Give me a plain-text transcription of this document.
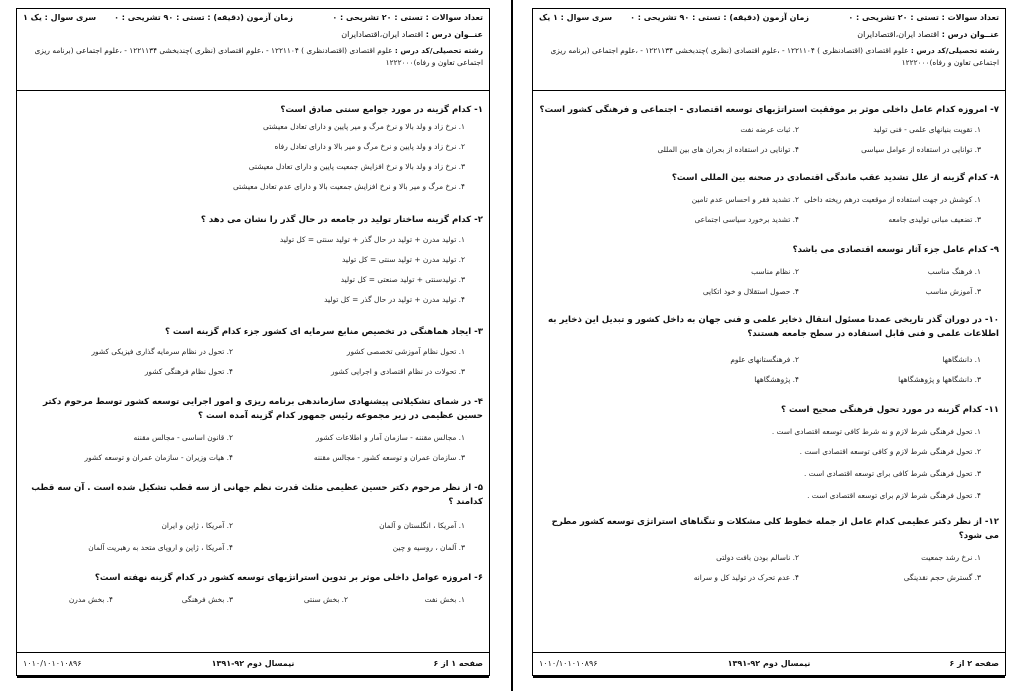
تعداد سوالات : تستی : ۲۰ تشریحی : ۰
زمان آزمون (دقیقه) : تستی : ۹۰ تشریحی : ۰
سری سوال : یک ۱
عنــوان درس : اقتصاد ایران،اقتصادایران
رشته تحصیلی/کد درس : علوم اقتصادی (اقتصادنظری ) ۱۲۲۱۱۰۴ - ،علوم اقتصادی (نظری )چندبخشی ۱۲۲۱۱۳۴ - ،علوم اجتماعی (برنامه ریزی اجتماعی تعاون و رفاه)۱۲۲۲۰۰۰
۱- کدام گزینه در مورد جوامع سنتی صادق است؟
۱. نرخ زاد و ولد بالا و نرخ مرگ و میر پایین و دارای تعادل معیشتی
۲. نرخ زاد و ولد پایین و نرخ مرگ و میر بالا و دارای تعادل رفاه
۳. نرخ زاد و ولد بالا و نرخ افزایش جمعیت پایین و دارای تعادل معیشتی
۴. نرخ مرگ و میر بالا و نرخ افزایش جمعیت بالا و دارای عدم تعادل معیشتی
۲- کدام گزینه ساختار تولید در جامعه در حال گذر را نشان می دهد ؟
۱. تولید مدرن + تولید در حال گذر + تولید سنتی = کل تولید
۲. تولید مدرن + تولید سنتی = کل تولید
۳. تولیدسنتی + تولید صنعتی = کل تولید
۴. تولید مدرن + تولید در حال گذر = کل تولید
۳- ایجاد هماهنگی در تخصیص منابع سرمایه ای کشور جزء کدام گزینه است ؟
۱. تحول نظام آموزشی تخصصی کشور
۲. تحول در نظام سرمایه گذاری فیزیکی کشور
۳. تحولات در نظام اقتصادی و اجرایی کشور
۴. تحول نظام فرهنگی کشور
۴- در شمای تشکیلاتی پیشنهادی سازماندهی برنامه ریزی و امور اجرایی توسعه کشور توسط مرحوم دکتر حسین عظیمی در زیر مجموعه رئیس جمهور کدام گزینه آمده است ؟
۱. مجالس مقننه - سازمان آمار و اطلاعات کشور
۲. قانون اساسی - مجالس مقننه
۳. سازمان عمران و توسعه کشور - مجالس مقننه
۴. هیات وزیران - سازمان عمران و توسعه کشور
۵- از نظر مرحوم دکتر حسین عظیمی مثلث قدرت نظم جهانی از سه قطب تشکیل شده است . آن سه قطب کدامند ؟
۱. آمریکا ، انگلستان و آلمان
۲. آمریکا ، ژاپن و ایران
۳. آلمان ، روسیه و چین
۴. آمریکا ، ژاپن و اروپای متحد به رهبریت آلمان
۶- امروزه عوامل داخلی موثر بر تدوین استراتژیهای توسعه کشور در کدام گزینه نهفته است؟
۱. بخش نفت
۲. بخش سنتی
۳. بخش فرهنگی
۴. بخش مدرن
صفحه ۱ از ۶
نیمسال دوم ۹۲-۱۳۹۱
۱۰۱۰/۱۰۱۰۱۰۸۹۶
تعداد سوالات : تستی : ۲۰ تشریحی : ۰
زمان آزمون (دقیقه) : تستی : ۹۰ تشریحی : ۰
سری سوال : ۱ یک
عنــوان درس : اقتصاد ایران،اقتصادایران
رشته تحصیلی/کد درس : علوم اقتصادی (اقتصادنظری ) ۱۲۲۱۱۰۴ - ،علوم اقتصادی (نظری )چندبخشی ۱۲۲۱۱۳۴ - ،علوم اجتماعی (برنامه ریزی اجتماعی تعاون و رفاه)۱۲۲۲۰۰۰
۷- امروزه کدام عامل داخلی موثر بر موفقیت استراتژیهای توسعه اقتصادی - اجتماعی و فرهنگی کشور است؟
۱. تقویت بنیانهای علمی - فنی تولید
۲. ثبات عرضه نفت
۳. توانایی در استفاده از عوامل سیاسی
۴. توانایی در استفاده از بحران های بین المللی
۸- کدام گزینه از علل تشدید عقب ماندگی اقتصادی در صحنه بین المللی است؟
۱. کوشش در جهت استفاده از موقعیت درهم ریخته داخلی
۲. تشدید فقر و احساس عدم تامین
۳. تضعیف مبانی تولیدی جامعه
۴. تشدید برخورد سیاسی اجتماعی
۹- کدام عامل جزء آثار توسعه اقتصادی می باشد؟
۱. فرهنگ مناسب
۲. نظام مناسب
۳. آموزش مناسب
۴. حصول استقلال و خود اتکایی
۱۰- در دوران گذر تاریخی عمدتا مسئول انتقال ذخایر علمی و فنی جهان به داخل کشور و تبدیل این ذخایر به اطلاعات علمی و فنی قابل استفاده در سطح جامعه هستند؟
۱. دانشگاهها
۲. فرهنگستانهای علوم
۳. دانشگاهها و پژوهشگاهها
۴. پژوهشگاهها
۱۱- کدام گزینه در مورد تحول فرهنگی صحیح است ؟
۱. تحول فرهنگی شرط لازم و نه شرط کافی توسعه اقتصادی است .
۲. تحول فرهنگی شرط لازم و کافی توسعه اقتصادی است .
۳. تحول فرهنگی شرط کافی برای توسعه اقتصادی است .
۴. تحول فرهنگی شرط لازم برای توسعه اقتصادی است .
۱۲- از نظر دکتر عظیمی کدام عامل از جمله خطوط کلی مشکلات و تنگناهای استراتژی توسعه کشور مطرح می شود؟
۱. نرخ رشد جمعیت
۲. ناسالم بودن بافت دولتی
۳. گسترش حجم نقدینگی
۴. عدم تحرک در تولید کل و سرانه
صفحه ۲ از ۶
نیمسال دوم ۹۲-۱۳۹۱
۱۰۱۰/۱۰۱۰۱۰۸۹۶
